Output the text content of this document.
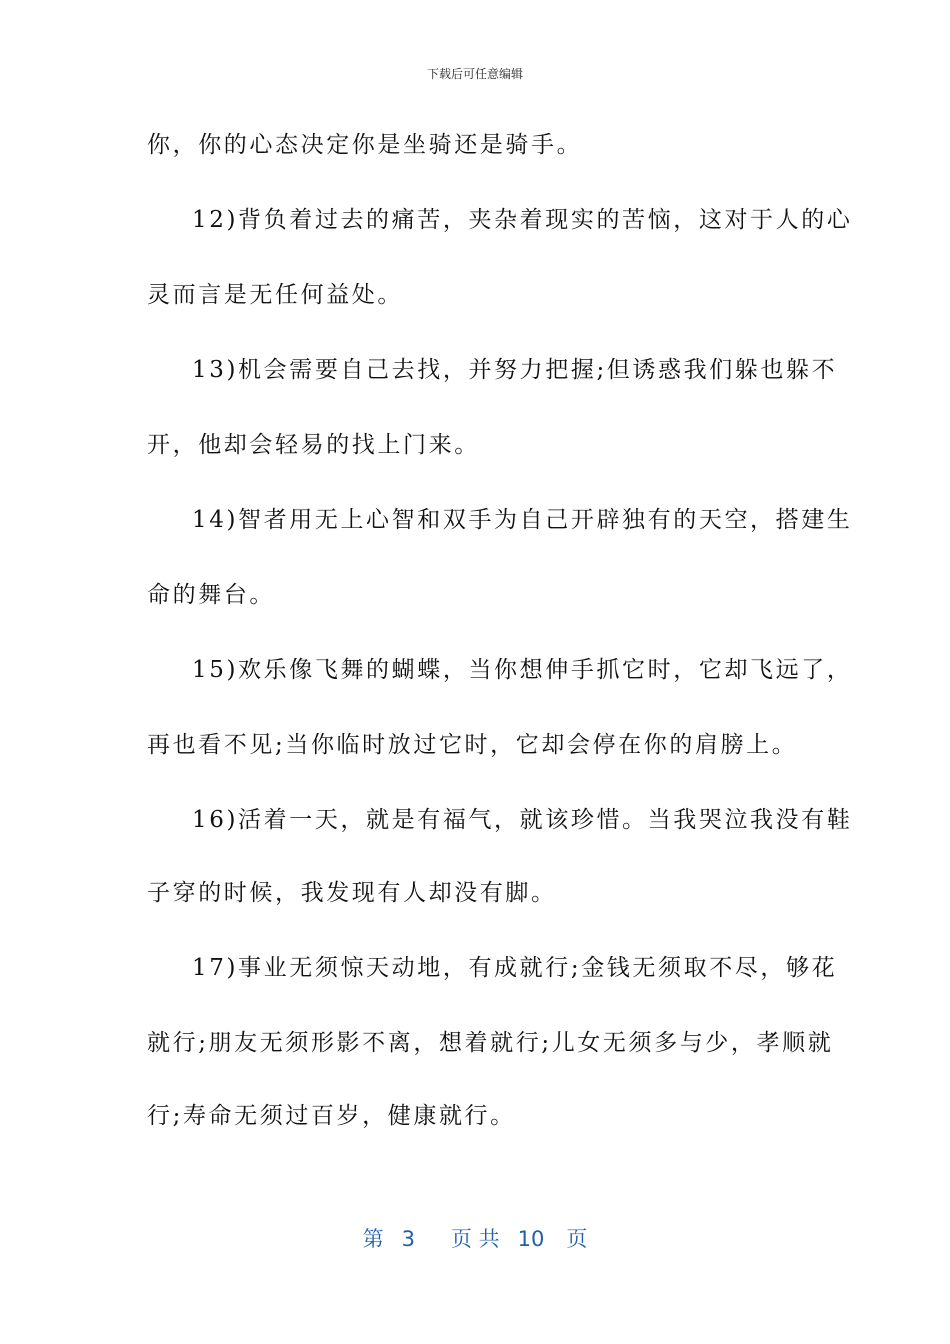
下载后可任意编辑
你，你的心态决定你是坐骑还是骑手。
12)背负着过去的痛苦，夹杂着现实的苦恼，这对于人的心
灵而言是无任何益处。
13)机会需要自己去找，并努力把握;但诱惑我们躲也躲不
开，他却会轻易的找上门来。
14)智者用无上心智和双手为自己开辟独有的天空，搭建生
命的舞台。
15)欢乐像飞舞的蝴蝶，当你想伸手抓它时，它却飞远了，
再也看不见;当你临时放过它时，它却会停在你的肩膀上。
16)活着一天，就是有福气，就该珍惜。当我哭泣我没有鞋
子穿的时候，我发现有人却没有脚。
17)事业无须惊天动地，有成就行;金钱无须取不尽，够花
就行;朋友无须形影不离，想着就行;儿女无须多与少，孝顺就
行;寿命无须过百岁，健康就行。
第 3 页 共 10 页
